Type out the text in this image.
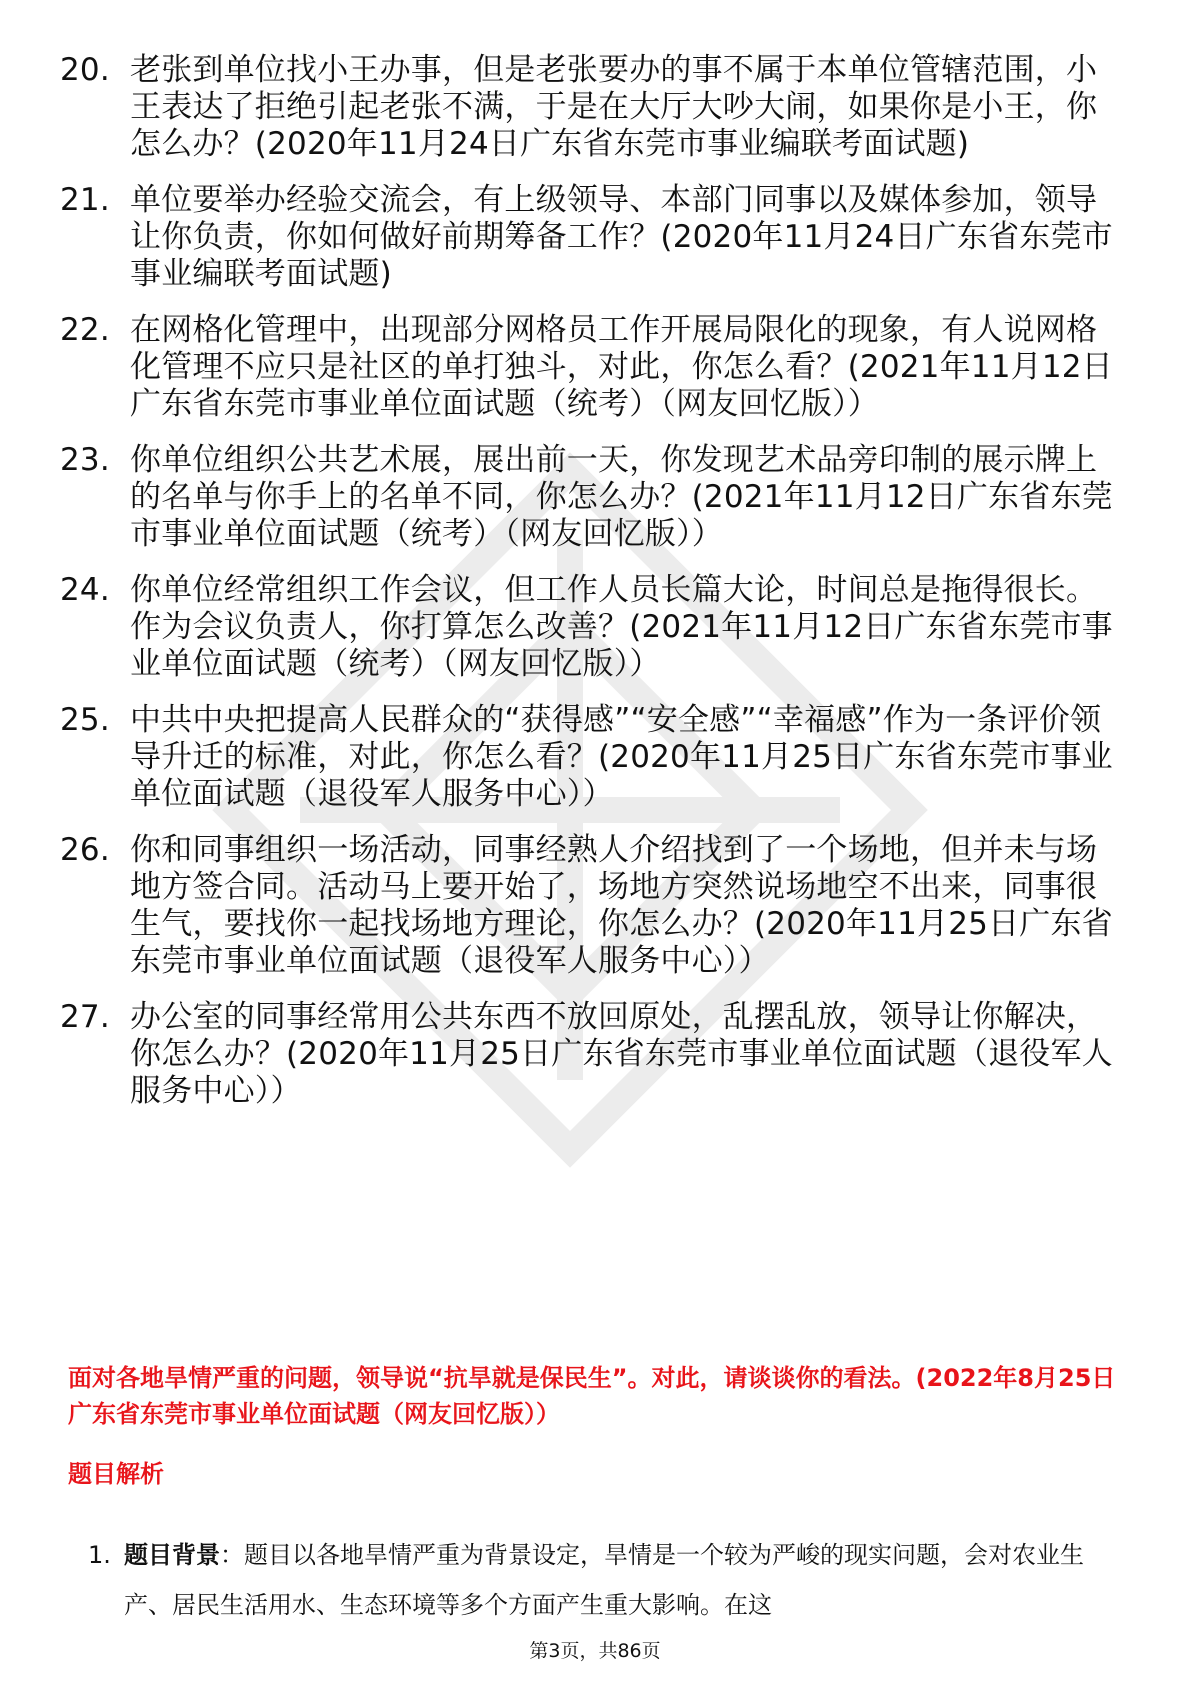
20. 老张到单位找小王办事，但是老张要办的事不属于本单位管辖范围，小王表达了拒绝引起老张不满，于是在大厅大吵大闹，如果你是小王，你怎么办？(2020年11月24日广东省东莞市事业编联考面试题)
21. 单位要举办经验交流会，有上级领导、本部门同事以及媒体参加，领导让你负责，你如何做好前期筹备工作？(2020年11月24日广东省东莞市事业编联考面试题)
22. 在网格化管理中，出现部分网格员工作开展局限化的现象，有人说网格化管理不应只是社区的单打独斗，对此，你怎么看？(2021年11月12日广东省东莞市事业单位面试题（统考）（网友回忆版））
23. 你单位组织公共艺术展，展出前一天，你发现艺术品旁印制的展示牌上的名单与你手上的名单不同，你怎么办？(2021年11月12日广东省东莞市事业单位面试题（统考）（网友回忆版））
24. 你单位经常组织工作会议，但工作人员长篇大论，时间总是拖得很长。作为会议负责人，你打算怎么改善？(2021年11月12日广东省东莞市事业单位面试题（统考）（网友回忆版））
25. 中共中央把提高人民群众的“获得感”“安全感”“幸福感”作为一条评价领导升迁的标准，对此，你怎么看？(2020年11月25日广东省东莞市事业单位面试题（退役军人服务中心））
26. 你和同事组织一场活动，同事经熟人介绍找到了一个场地，但并未与场地方签合同。活动马上要开始了，场地方突然说场地空不出来，同事很生气，要找你一起找场地方理论，你怎么办？(2020年11月25日广东省东莞市事业单位面试题（退役军人服务中心））
27. 办公室的同事经常用公共东西不放回原处，乱摆乱放，领导让你解决，你怎么办？(2020年11月25日广东省东莞市事业单位面试题（退役军人服务中心））
面对各地旱情严重的问题，领导说“抗旱就是保民生”。对此，请谈谈你的看法。(2022年8月25日广东省东莞市事业单位面试题（网友回忆版））
题目解析
1. 题目背景：题目以各地旱情严重为背景设定，旱情是一个较为严峻的现实问题，会对农业生产、居民生活用水、生态环境等多个方面产生重大影响。在这
第3页，共86页
